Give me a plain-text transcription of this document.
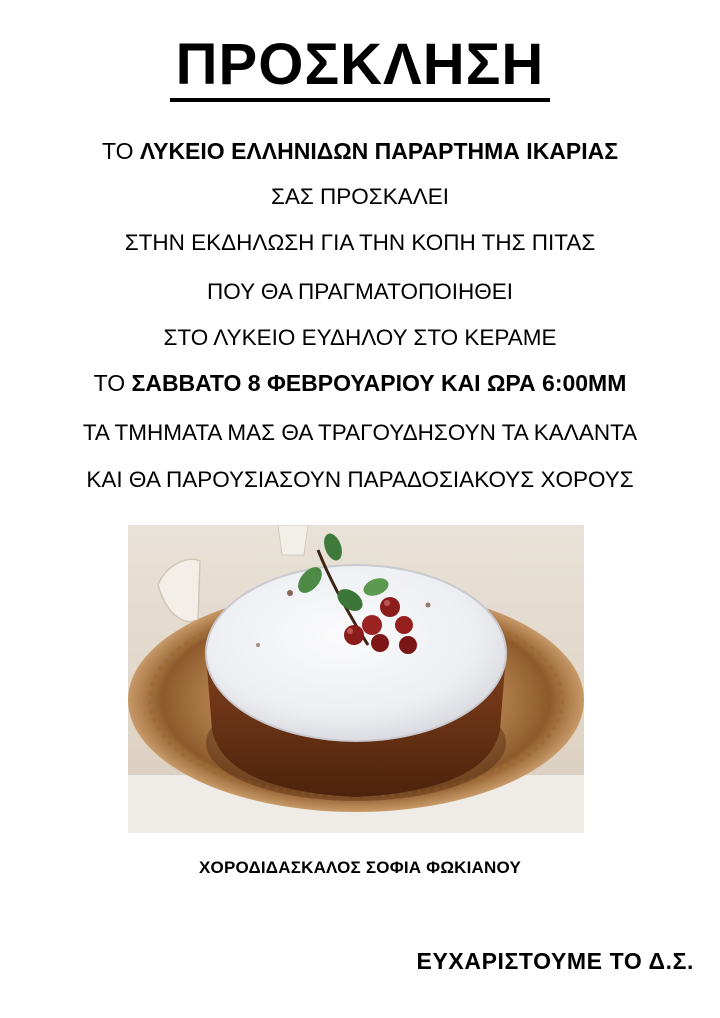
ΠΡΟΣΚΛΗΣΗ
ΤΟ ΛΥΚΕΙΟ ΕΛΛΗΝΙΔΩΝ ΠΑΡΑΡΤΗΜΑ ΙΚΑΡΙΑΣ
ΣΑΣ ΠΡΟΣΚΑΛΕΙ
ΣΤΗΝ ΕΚΔΗΛΩΣΗ ΓΙΑ ΤΗΝ ΚΟΠΗ ΤΗΣ ΠΙΤΑΣ
ΠΟΥ ΘΑ ΠΡΑΓΜΑΤΟΠΟΙΗΘΕΙ
ΣΤΟ ΛΥΚΕΙΟ ΕΥΔΗΛΟΥ ΣΤΟ ΚΕΡΑΜΕ
ΤΟ ΣΑΒΒΑΤΟ 8 ΦΕΒΡΟΥΑΡΙΟΥ ΚΑΙ ΩΡΑ 6:00ΜΜ
ΤΑ ΤΜΗΜΑΤΑ ΜΑΣ ΘΑ ΤΡΑΓΟΥΔΗΣΟΥΝ ΤΑ ΚΑΛΑΝΤΑ
ΚΑΙ ΘΑ ΠΑΡΟΥΣΙΑΣΟΥΝ ΠΑΡΑΔΟΣΙΑΚΟΥΣ ΧΟΡΟΥΣ
ΧΟΡΟΔΙΔΑΣΚΑΛΟΣ ΣΟΦΙΑ ΦΩΚΙΑΝΟΥ
ΕΥΧΑΡΙΣΤΟΥΜΕ ΤΟ Δ.Σ.
